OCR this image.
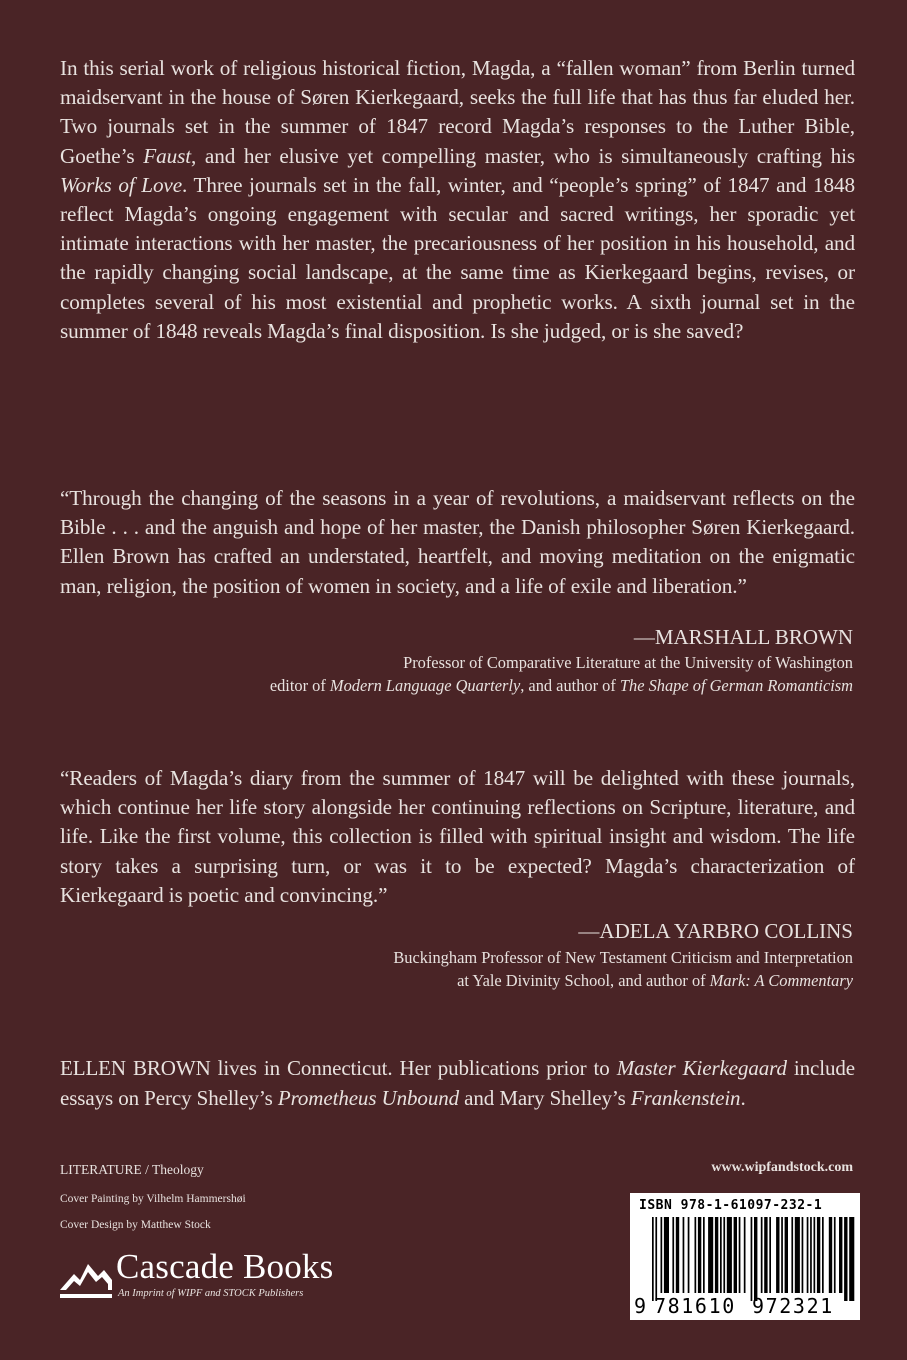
In this serial work of religious historical fiction, Magda, a “fallen woman” from Berlin turned maidservant in the house of Søren Kierkegaard, seeks the full life that has thus far eluded her. Two journals set in the summer of 1847 record Magda’s responses to the Luther Bible, Goethe’s Faust, and her elusive yet compelling master, who is simultaneously crafting his Works of Love. Three journals set in the fall, winter, and “people’s spring” of 1847 and 1848 reflect Magda’s ongoing engagement with secular and sacred writings, her sporadic yet intimate interactions with her master, the precariousness of her position in his household, and the rapidly changing social landscape, at the same time as Kierkegaard begins, revises, or completes several of his most existential and prophetic works. A sixth journal set in the summer of 1848 reveals Magda’s final disposition. Is she judged, or is she saved?
“Through the changing of the seasons in a year of revolutions, a maidservant reflects on the Bible . . . and the anguish and hope of her master, the Danish philosopher Søren Kierkegaard. Ellen Brown has crafted an understated, heartfelt, and moving meditation on the enigmatic man, religion, the position of women in society, and a life of exile and liberation.”
—MARSHALL BROWN
Professor of Comparative Literature at the University of Washington
editor of Modern Language Quarterly, and author of The Shape of German Romanticism
“Readers of Magda’s diary from the summer of 1847 will be delighted with these journals, which continue her life story alongside her continuing reflections on Scripture, literature, and life. Like the first volume, this collection is filled with spiritual insight and wisdom. The life story takes a surprising turn, or was it to be expected? Magda’s characterization of Kierkegaard is poetic and convincing.”
—ADELA YARBRO COLLINS
Buckingham Professor of New Testament Criticism and Interpretation
at Yale Divinity School, and author of Mark: A Commentary
ELLEN BROWN lives in Connecticut. Her publications prior to Master Kierkegaard include essays on Percy Shelley’s Prometheus Unbound and Mary Shelley’s Frankenstein.
LITERATURE / Theology
Cover Painting by Vilhelm Hammershøi
Cover Design by Matthew Stock
Cascade Books
An Imprint of WIPF and STOCK Publishers
www.wipfandstock.com
ISBN 978-1-61097-232-1
9 781610 972321
